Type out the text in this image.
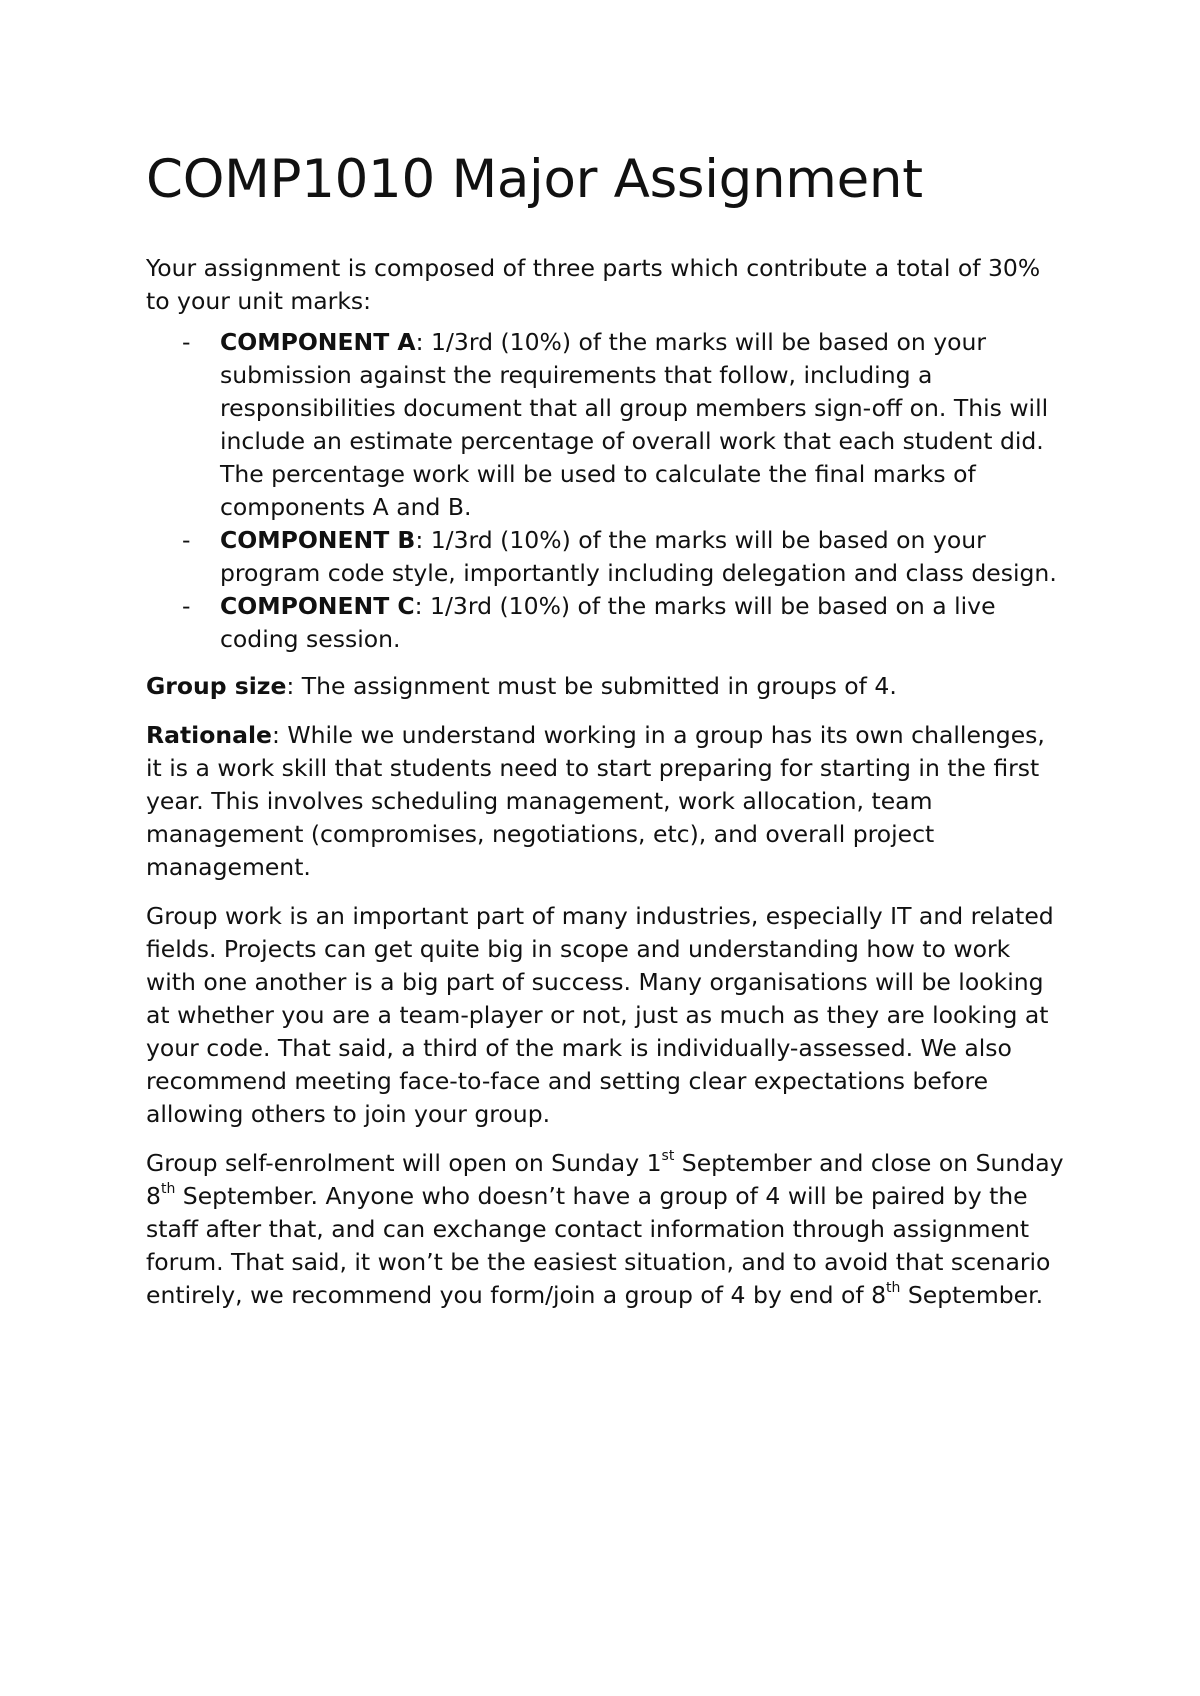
COMP1010 Major Assignment

Your assignment is composed of three parts which contribute a total of 30% to your unit marks:

- COMPONENT A: 1/3rd (10%) of the marks will be based on your submission against the requirements that follow, including a responsibilities document that all group members sign-off on. This will include an estimate percentage of overall work that each student did. The percentage work will be used to calculate the final marks of components A and B.
- COMPONENT B: 1/3rd (10%) of the marks will be based on your program code style, importantly including delegation and class design.
- COMPONENT C: 1/3rd (10%) of the marks will be based on a live coding session.

Group size: The assignment must be submitted in groups of 4.

Rationale: While we understand working in a group has its own challenges, it is a work skill that students need to start preparing for starting in the first year. This involves scheduling management, work allocation, team management (compromises, negotiations, etc), and overall project management.

Group work is an important part of many industries, especially IT and related fields. Projects can get quite big in scope and understanding how to work with one another is a big part of success. Many organisations will be looking at whether you are a team-player or not, just as much as they are looking at your code. That said, a third of the mark is individually-assessed. We also recommend meeting face-to-face and setting clear expectations before allowing others to join your group.

Group self-enrolment will open on Sunday 1st September and close on Sunday 8th September. Anyone who doesn’t have a group of 4 will be paired by the staff after that, and can exchange contact information through assignment forum. That said, it won’t be the easiest situation, and to avoid that scenario entirely, we recommend you form/join a group of 4 by end of 8th September.
